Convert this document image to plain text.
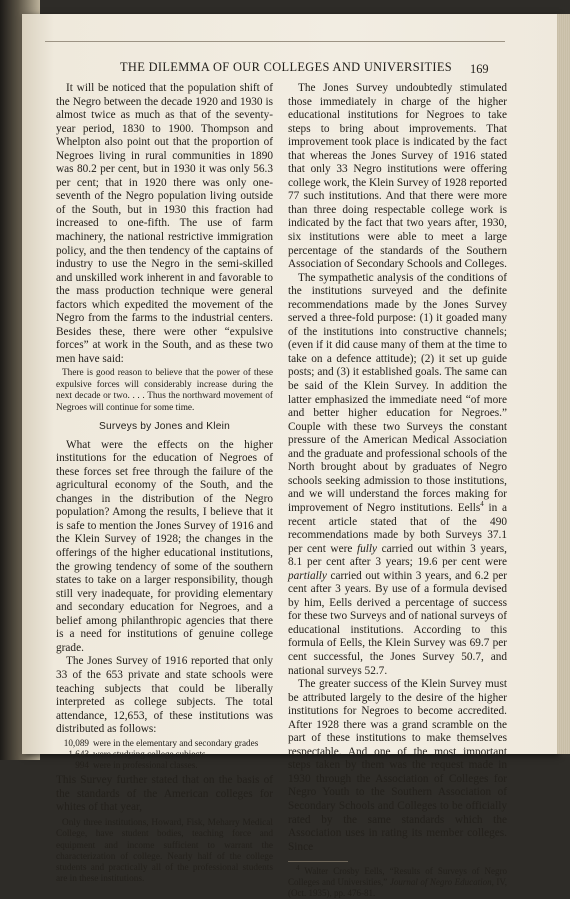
THE DILEMMA OF OUR COLLEGES AND UNIVERSITIES	169

It will be noticed that the population shift of the Negro between the decade 1920 and 1930 is almost twice as much as that of the seventy-year period, 1830 to 1900. Thompson and Whelpton also point out that the proportion of Negroes living in rural communities in 1890 was 80.2 per cent, but in 1930 it was only 56.3 per cent; that in 1920 there was only one-seventh of the Negro population living outside of the South, but in 1930 this fraction had increased to one-fifth. The use of farm machinery, the national restrictive immigration policy, and the then tendency of the captains of industry to use the Negro in the semi-skilled and unskilled work inherent in and favorable to the mass production technique were general factors which expedited the movement of the Negro from the farms to the industrial centers. Besides these, there were other “expulsive forces” at work in the South, and as these two men have said:

There is good reason to believe that the power of these expulsive forces will considerably increase during the next decade or two. . . . Thus the northward movement of Negroes will continue for some time.

Surveys by Jones and Klein

What were the effects on the higher institutions for the education of Negroes of these forces set free through the failure of the agricultural economy of the South, and the changes in the distribution of the Negro population? Among the results, I believe that it is safe to mention the Jones Survey of 1916 and the Klein Survey of 1928; the changes in the offerings of the higher educational institutions, the growing tendency of some of the southern states to take on a larger responsibility, though still very inadequate, for providing elementary and secondary education for Negroes, and a belief among philanthropic agencies that there is a need for institutions of genuine college grade.

The Jones Survey of 1916 reported that only 33 of the 653 private and state schools were teaching subjects that could be liberally interpreted as college subjects. The total attendance, 12,653, of these institutions was distributed as follows:

10,089 were in the elementary and secondary grades
1,643 were studying college subjects
994 were in professional classes.

This Survey further stated that on the basis of the standards of the American colleges for whites of that year,

Only three institutions, Howard, Fisk, Meharry Medical College, have student bodies, teaching force and equipment and income sufficient to warrant the characterization of college. Nearly half of the college students and practically all of the professional students are in these institutions.

The Jones Survey undoubtedly stimulated those immediately in charge of the higher educational institutions for Negroes to take steps to bring about improvements. That improvement took place is indicated by the fact that whereas the Jones Survey of 1916 stated that only 33 Negro institutions were offering college work, the Klein Survey of 1928 reported 77 such institutions. And that there were more than three doing respectable college work is indicated by the fact that two years after, 1930, six institutions were able to meet a large percentage of the standards of the Southern Association of Secondary Schools and Colleges.

The sympathetic analysis of the conditions of the institutions surveyed and the definite recommendations made by the Jones Survey served a three-fold purpose: (1) it goaded many of the institutions into constructive channels; (even if it did cause many of them at the time to take on a defence attitude); (2) it set up guide posts; and (3) it established goals. The same can be said of the Klein Survey. In addition the latter emphasized the immediate need “of more and better higher education for Negroes.” Couple with these two Surveys the constant pressure of the American Medical Association and the graduate and professional schools of the North brought about by graduates of Negro schools seeking admission to those institutions, and we will understand the forces making for improvement of Negro institutions. Eells$^4$ in a recent article stated that of the 490 recommendations made by both Surveys 37.1 per cent were fully carried out within 3 years, 8.1 per cent after 3 years; 19.6 per cent were partially carried out within 3 years, and 6.2 per cent after 3 years. By use of a formula devised by him, Eells derived a percentage of success for these two Surveys and of national surveys of educational institutions. According to this formula of Eells, the Klein Survey was 69.7 per cent successful, the Jones Survey 50.7, and national surveys 52.7.

The greater success of the Klein Survey must be attributed largely to the desire of the higher institutions for Negroes to become accredited. After 1928 there was a grand scramble on the part of these institutions to make themselves respectable. And one of the most important steps taken by them was the request made in 1930 through the Association of Colleges for Negro Youth to the Southern Association of Secondary Schools and Colleges to be officially rated by the same standards which the Association uses in rating its member colleges. Since

$^4$ Walter Crosby Eells, “Results of Surveys of Negro Colleges and Universities,” Journal of Negro Education, IV, (Oct. 1935), pp. 476-81.
